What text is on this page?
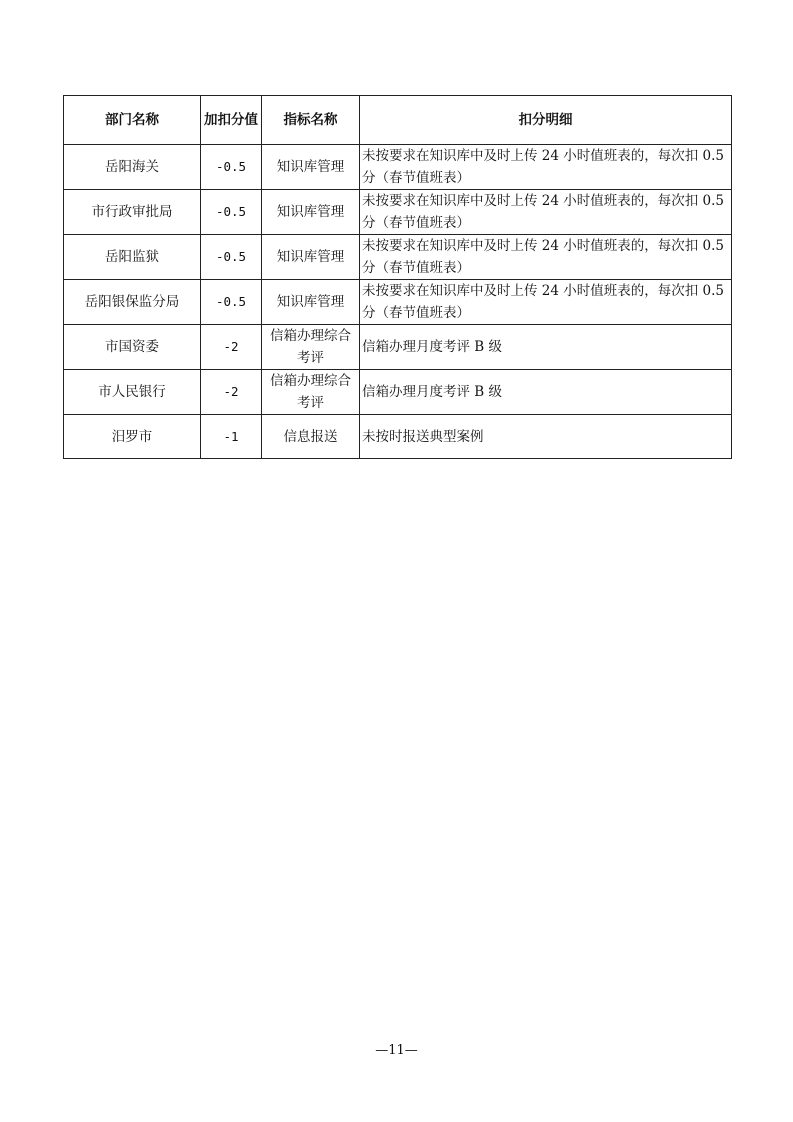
部门名称	加扣分值	指标名称	扣分明细
岳阳海关	-0.5	知识库管理	未按要求在知识库中及时上传 24 小时值班表的，每次扣 0.5 分（春节值班表）
市行政审批局	-0.5	知识库管理	未按要求在知识库中及时上传 24 小时值班表的，每次扣 0.5 分（春节值班表）
岳阳监狱	-0.5	知识库管理	未按要求在知识库中及时上传 24 小时值班表的，每次扣 0.5 分（春节值班表）
岳阳银保监分局	-0.5	知识库管理	未按要求在知识库中及时上传 24 小时值班表的，每次扣 0.5 分（春节值班表）
市国资委	-2	信箱办理综合考评	信箱办理月度考评 B 级
市人民银行	-2	信箱办理综合考评	信箱办理月度考评 B 级
汨罗市	-1	信息报送	未按时报送典型案例
—11—
